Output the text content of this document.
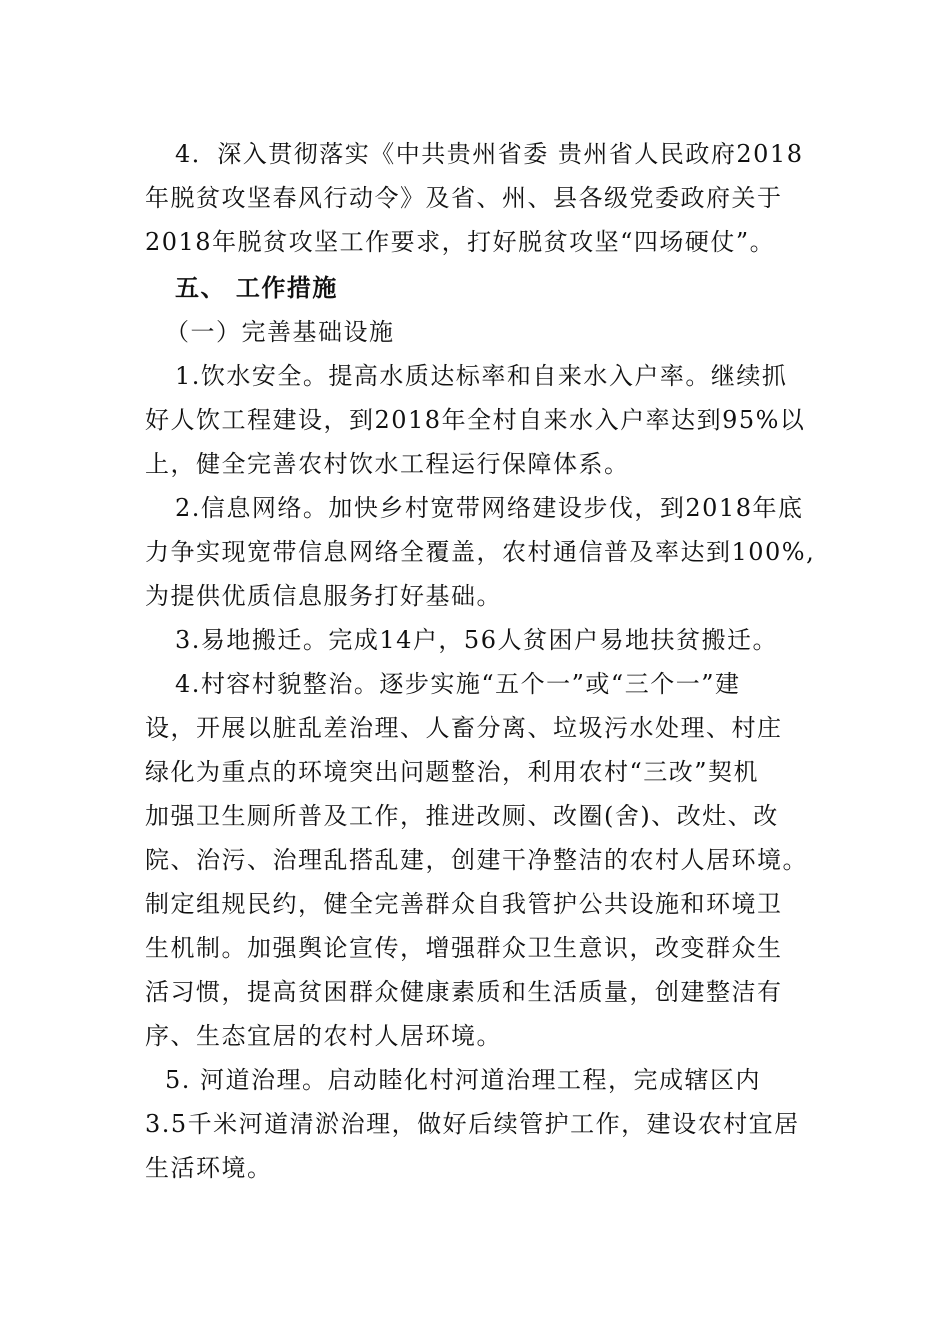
4．深入贯彻落实《中共贵州省委 贵州省人民政府2018

年脱贫攻坚春风行动令》及省、州、县各级党委政府关于

2018年脱贫攻坚工作要求，打好脱贫攻坚“四场硬仗”。

五、 工作措施

（一）完善基础设施

1.饮水安全。提高水质达标率和自来水入户率。继续抓

好人饮工程建设，到2018年全村自来水入户率达到95%以

上，健全完善农村饮水工程运行保障体系。

2.信息网络。加快乡村宽带网络建设步伐，到2018年底

力争实现宽带信息网络全覆盖，农村通信普及率达到100%,

为提供优质信息服务打好基础。

3.易地搬迁。完成14户，56人贫困户易地扶贫搬迁。

4.村容村貌整治。逐步实施“五个一”或“三个一”建

设，开展以脏乱差治理、人畜分离、垃圾污水处理、村庄

绿化为重点的环境突出问题整治，利用农村“三改”契机

加强卫生厕所普及工作，推进改厕、改圈(舍)、改灶、改

院、治污、治理乱搭乱建，创建干净整洁的农村人居环境。

制定组规民约，健全完善群众自我管护公共设施和环境卫

生机制。加强舆论宣传，增强群众卫生意识，改变群众生

活习惯，提高贫困群众健康素质和生活质量，创建整洁有

序、生态宜居的农村人居环境。

5. 河道治理。启动睦化村河道治理工程，完成辖区内

3.5千米河道清淤治理，做好后续管护工作，建设农村宜居

生活环境。
